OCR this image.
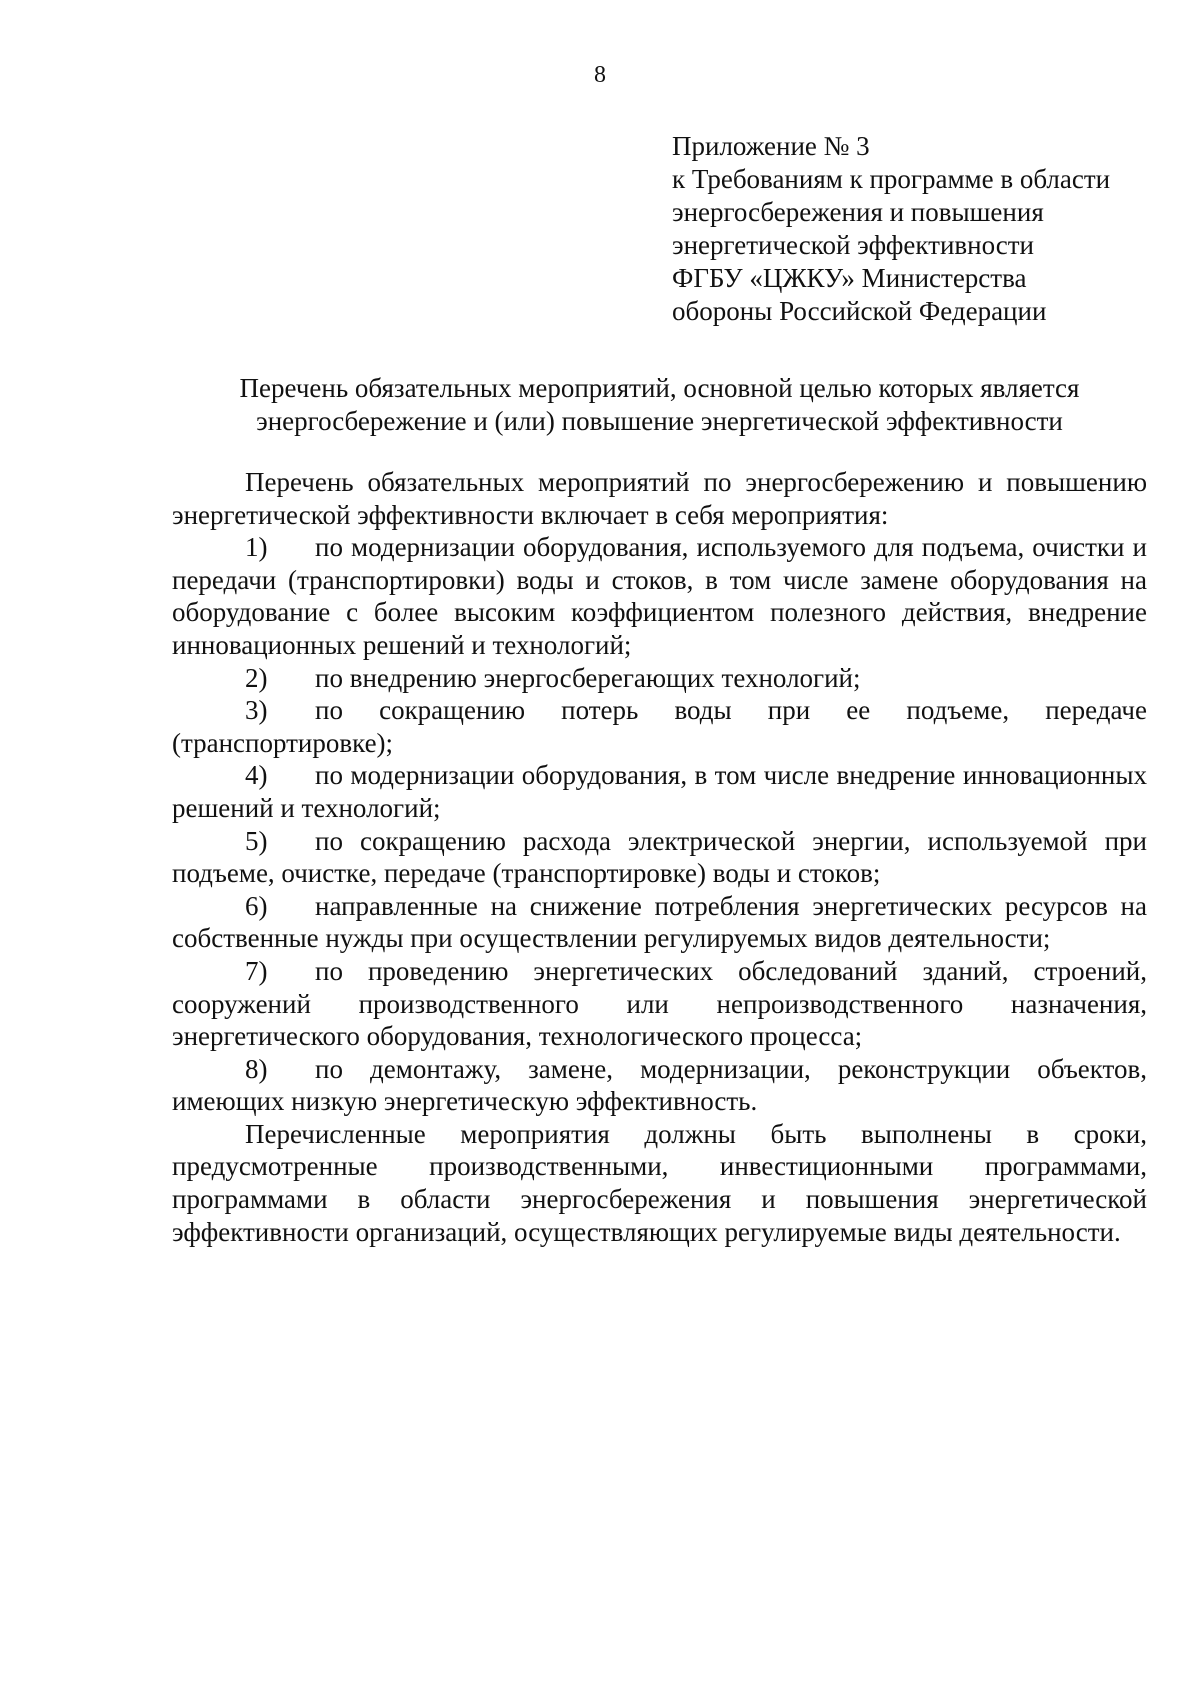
8
Приложение № 3
к Требованиям к программе в области
энергосбережения и повышения
энергетической эффективности
ФГБУ «ЦЖКУ» Министерства
обороны Российской Федерации
Перечень обязательных мероприятий, основной целью которых является
энергосбережение и (или) повышение энергетической эффективности

Перечень обязательных мероприятий по энергосбережению и повышению энергетической эффективности включает в себя мероприятия:

1) по модернизации оборудования, используемого для подъема, очистки и передачи (транспортировки) воды и стоков, в том числе замене оборудования на оборудование с более высоким коэффициентом полезного действия, внедрение инновационных решений и технологий;

2) по внедрению энергосберегающих технологий;

3) по сокращению потерь воды при ее подъеме, передаче (транспортировке);

4) по модернизации оборудования, в том числе внедрение инновационных решений и технологий;

5) по сокращению расхода электрической энергии, используемой при подъеме, очистке, передаче (транспортировке) воды и стоков;

6) направленные на снижение потребления энергетических ресурсов на собственные нужды при осуществлении регулируемых видов деятельности;

7) по проведению энергетических обследований зданий, строений, сооружений производственного или непроизводственного назначения, энергетического оборудования, технологического процесса;

8) по демонтажу, замене, модернизации, реконструкции объектов, имеющих низкую энергетическую эффективность.

Перечисленные мероприятия должны быть выполнены в сроки, предусмотренные производственными, инвестиционными программами, программами в области энергосбережения и повышения энергетической эффективности организаций, осуществляющих регулируемые виды деятельности.
